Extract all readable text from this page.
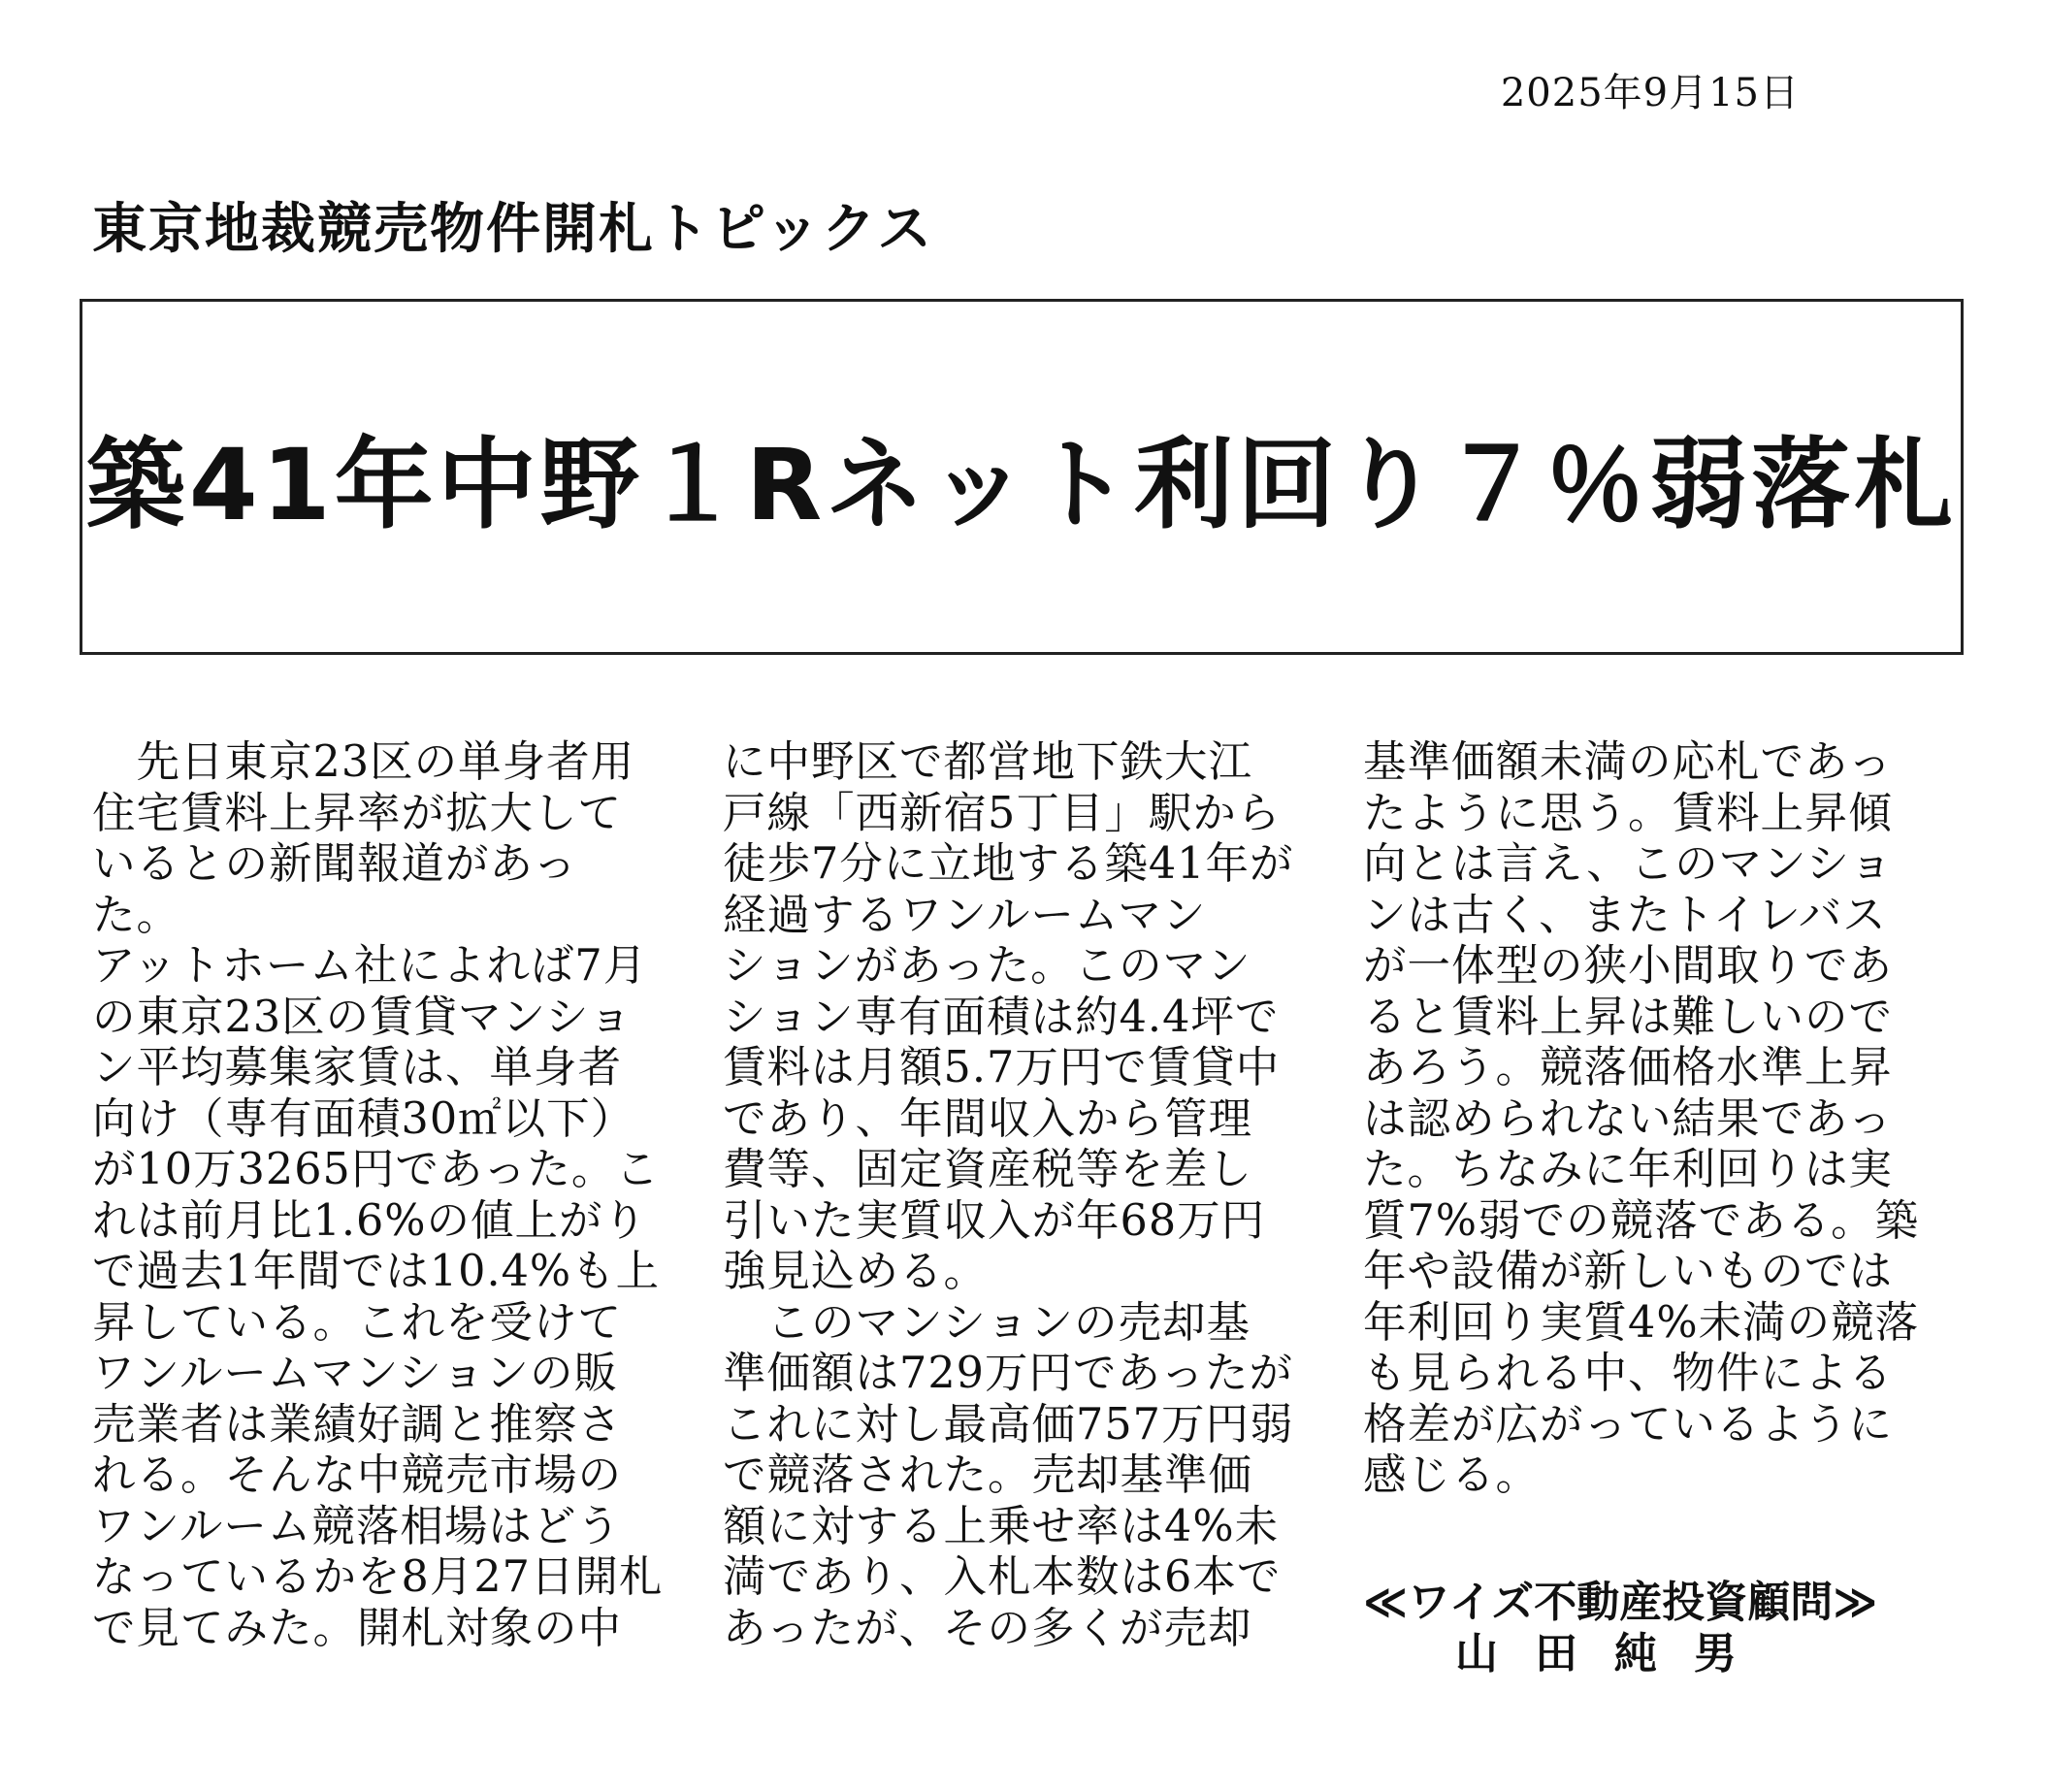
2025年9月15日
東京地裁競売物件開札トピックス
築41年中野１Rネット利回り７％弱落札
　先日東京23区の単身者用
住宅賃料上昇率が拡大して
いるとの新聞報道があっ
た。
アットホーム社によれば7月
の東京23区の賃貸マンショ
ン平均募集家賃は、単身者
向け（専有面積30㎡以下）
が10万3265円であった。こ
れは前月比1.6%の値上がり
で過去1年間では10.4%も上
昇している。これを受けて
ワンルームマンションの販
売業者は業績好調と推察さ
れる。そんな中競売市場の
ワンルーム競落相場はどう
なっているかを8月27日開札
で見てみた。開札対象の中
に中野区で都営地下鉄大江
戸線「西新宿5丁目」駅から
徒歩7分に立地する築41年が
経過するワンルームマン
ションがあった。このマン
ション専有面積は約4.4坪で
賃料は月額5.7万円で賃貸中
であり、年間収入から管理
費等、固定資産税等を差し
引いた実質収入が年68万円
強見込める。
　このマンションの売却基
準価額は729万円であったが
これに対し最高価757万円弱
で競落された。売却基準価
額に対する上乗せ率は4%未
満であり、入札本数は6本で
あったが、その多くが売却
基準価額未満の応札であっ
たように思う。賃料上昇傾
向とは言え、このマンショ
ンは古く、またトイレバス
が一体型の狭小間取りであ
ると賃料上昇は難しいので
あろう。競落価格水準上昇
は認められない結果であっ
た。ちなみに年利回りは実
質7%弱での競落である。築
年や設備が新しいものでは
年利回り実質4%未満の競落
も見られる中、物件による
格差が広がっているように
感じる。
≪ワイズ不動産投資顧問≫
山田純男
